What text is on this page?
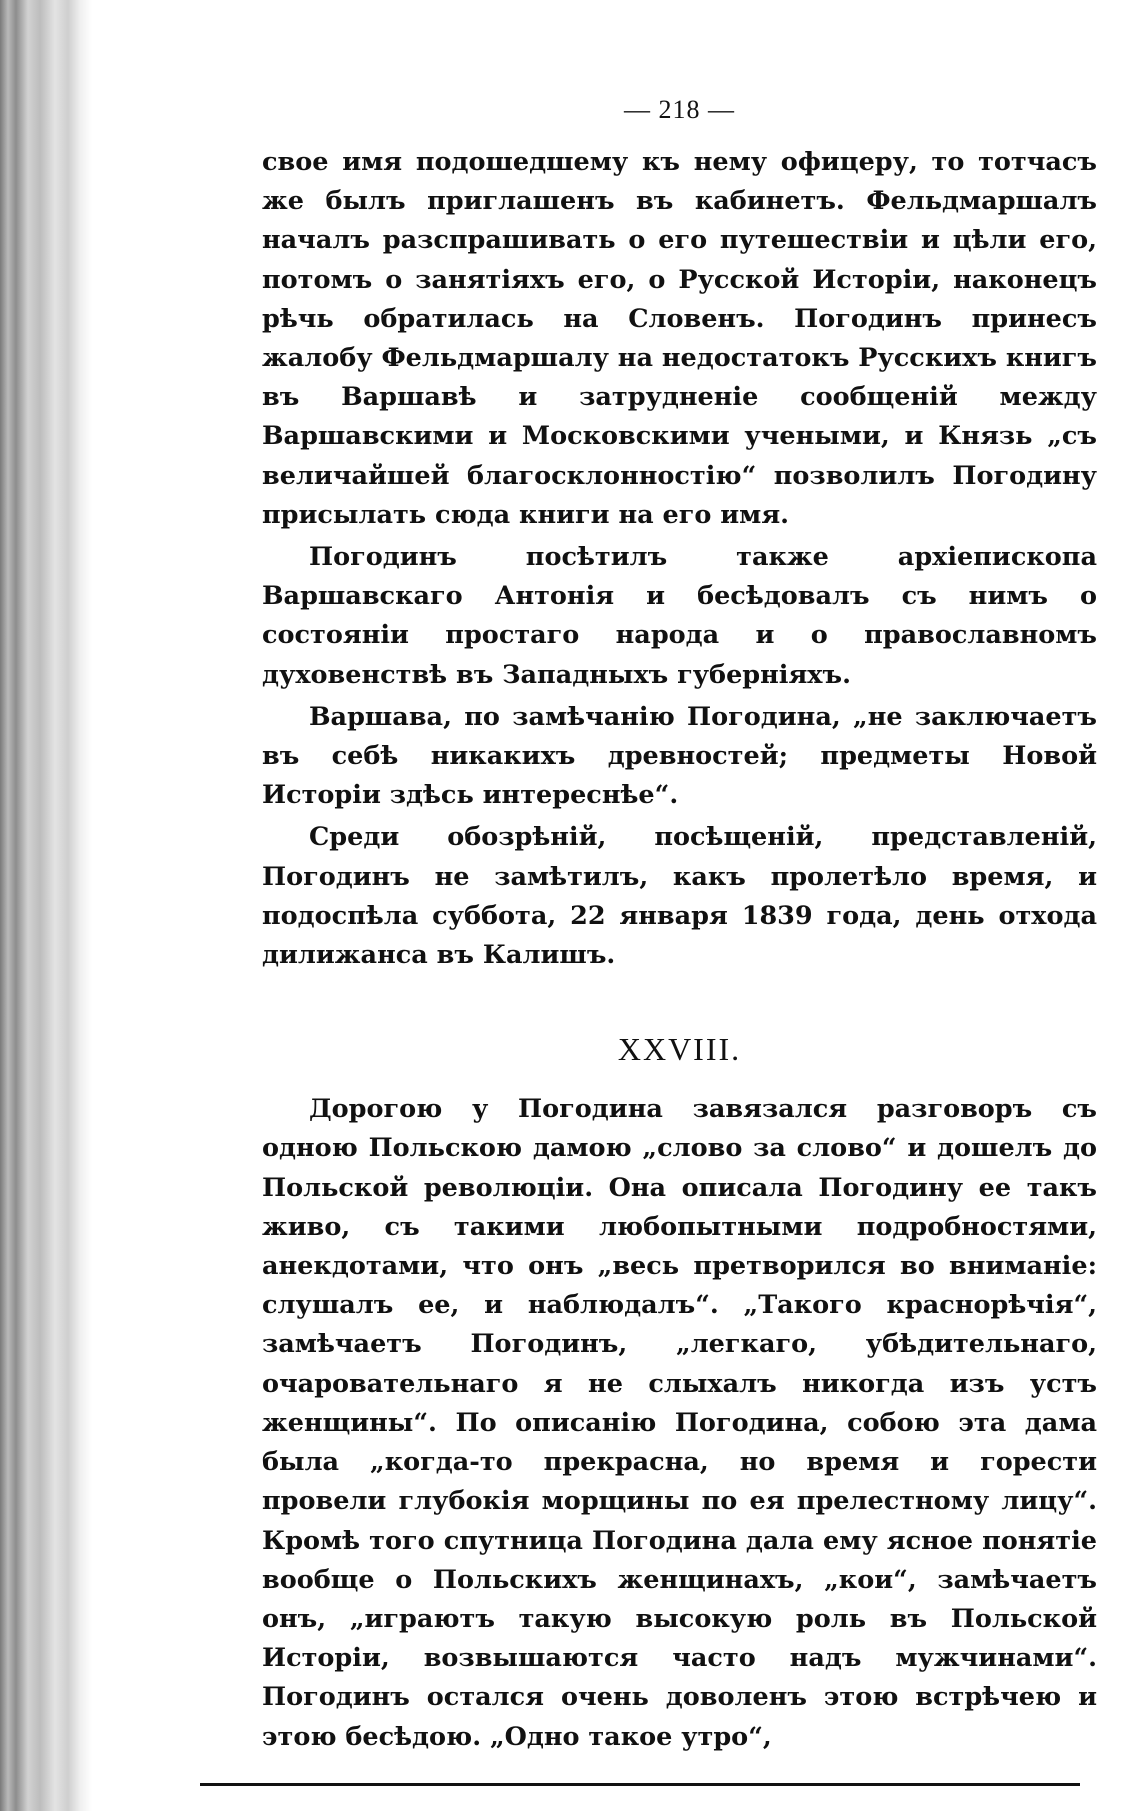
— 218 —

свое имя подошедшему къ нему офицеру, то тотчасъ же былъ приглашенъ въ кабинетъ. Фельдмаршалъ началъ разспрашивать о его путешествіи и цѣли его, потомъ о занятіяхъ его, о Русской Исторіи, наконецъ рѣчь обратилась на Словенъ. Погодинъ принесъ жалобу Фельдмаршалу на недостатокъ Русскихъ книгъ въ Варшавѣ и затрудненіе сообщеній между Варшавскими и Московскими учеными, и Князь „съ величайшей благосклонностію“ позволилъ Погодину присылать сюда книги на его имя.

Погодинъ посѣтилъ также архіепископа Варшавскаго Антонія и бесѣдовалъ съ нимъ о состояніи простаго народа и о православномъ духовенствѣ въ Западныхъ губерніяхъ.

Варшава, по замѣчанію Погодина, „не заключаетъ въ себѣ никакихъ древностей; предметы Новой Исторіи здѣсь интереснѣе“.

Среди обозрѣній, посѣщеній, представленій, Погодинъ не замѣтилъ, какъ пролетѣло время, и подоспѣла суббота, 22 января 1839 года, день отхода дилижанса въ Калишъ.

XXVIII.

Дорогою у Погодина завязался разговоръ съ одною Польскою дамою „слово за слово“ и дошелъ до Польской революціи. Она описала Погодину ее такъ живо, съ такими любопытными подробностями, анекдотами, что онъ „весь претворился во вниманіе: слушалъ ее, и наблюдалъ“. „Такого краснорѣчія“, замѣчаетъ Погодинъ, „легкаго, убѣдительнаго, очаровательнаго я не слыхалъ никогда изъ устъ женщины“. По описанію Погодина, собою эта дама была „когда-то прекрасна, но время и горести провели глубокія морщины по ея прелестному лицу“. Кромѣ того спутница Погодина дала ему ясное понятіе вообще о Польскихъ женщинахъ, „кои“, замѣчаетъ онъ, „играютъ такую высокую роль въ Польской Исторіи, возвышаются часто надъ мужчинами“. Погодинъ остался очень доволенъ этою встрѣчею и этою бесѣдою. „Одно такое утро“,
